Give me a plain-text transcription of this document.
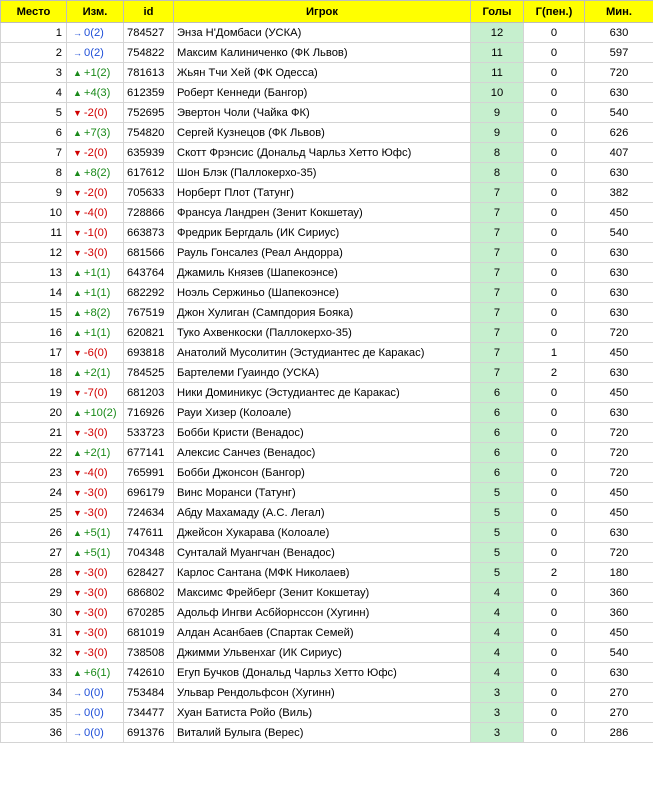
Место	Изм.	id	Игрок	Голы	Г(пен.)	Мин.
1	→ 0(2)	784527	Энза Н'Домбаси (УСКА)	12	0	630
2	→ 0(2)	754822	Максим Калиниченко (ФК Львов)	11	0	597
3	▲ +1(2)	781613	Жьян Тчи Хей (ФК Одесса)	11	0	720
4	▲ +4(3)	612359	Роберт Кеннеди (Бангор)	10	0	630
5	▼ -2(0)	752695	Эвертон Чоли (Чайка ФК)	9	0	540
6	▲ +7(3)	754820	Сергей Кузнецов (ФК Львов)	9	0	626
7	▼ -2(0)	635939	Скотт Фрэнсис (Дональд Чарльз Хетто Юфс)	8	0	407
8	▲ +8(2)	617612	Шон Блэк (Паллокерхо-35)	8	0	630
9	▼ -2(0)	705633	Норберт Плот (Татунг)	7	0	382
10	▼ -4(0)	728866	Франсуа Ландрен (Зенит Кокшетау)	7	0	450
11	▼ -1(0)	663873	Фредрик Бергдаль (ИК Сириус)	7	0	540
12	▼ -3(0)	681566	Рауль Гонсалез (Реал Андорра)	7	0	630
13	▲ +1(1)	643764	Джамиль Князев (Шапекоэнсе)	7	0	630
14	▲ +1(1)	682292	Ноэль Сержиньо (Шапекоэнсе)	7	0	630
15	▲ +8(2)	767519	Джон Хулиган (Сампдория Бояка)	7	0	630
16	▲ +1(1)	620821	Туко Ахвенкоски (Паллокерхо-35)	7	0	720
17	▼ -6(0)	693818	Анатолий Мусолитин (Эстудиантес де Каракас)	7	1	450
18	▲ +2(1)	784525	Бартелеми Гуаиндо (УСКА)	7	2	630
19	▼ -7(0)	681203	Ники Доминикус (Эстудиантес де Каракас)	6	0	450
20	▲ +10(2)	716926	Рауи Хизер (Колоале)	6	0	630
21	▼ -3(0)	533723	Бобби Кристи (Венадос)	6	0	720
22	▲ +2(1)	677141	Алексис Санчез (Венадос)	6	0	720
23	▼ -4(0)	765991	Бобби Джонсон (Бангор)	6	0	720
24	▼ -3(0)	696179	Винс Моранси (Татунг)	5	0	450
25	▼ -3(0)	724634	Абду Махамаду (А.С. Легал)	5	0	450
26	▲ +5(1)	747611	Джейсон Хукарава (Колоале)	5	0	630
27	▲ +5(1)	704348	Сунталай Муангчан (Венадос)	5	0	720
28	▼ -3(0)	628427	Карлос Сантана (МФК Николаев)	5	2	180
29	▼ -3(0)	686802	Максимс Фрейберг (Зенит Кокшетау)	4	0	360
30	▼ -3(0)	670285	Адольф Ингви Асбйорнссон (Хугинн)	4	0	360
31	▼ -3(0)	681019	Алдан Асанбаев (Спартак Семей)	4	0	450
32	▼ -3(0)	738508	Джимми Ульвенхаг (ИК Сириус)	4	0	540
33	▲ +6(1)	742610	Егуп Бучков (Дональд Чарльз Хетто Юфс)	4	0	630
34	→ 0(0)	753484	Ульвар Рендольфсон (Хугинн)	3	0	270
35	→ 0(0)	734477	Хуан Батиста Ройо (Виль)	3	0	270
36	→ 0(0)	691376	Виталий Булыга (Верес)	3	0	286
